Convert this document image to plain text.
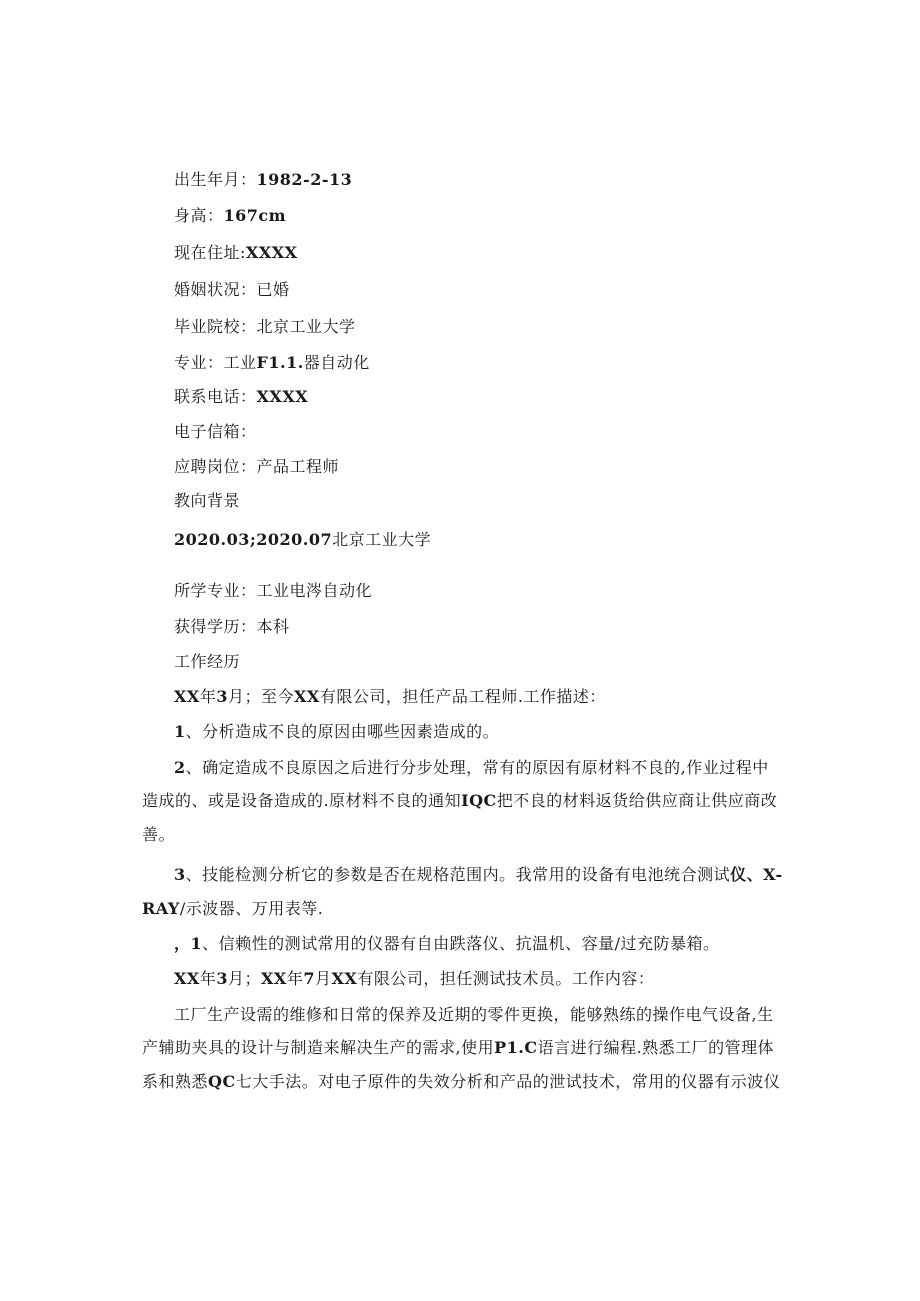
出生年月：1982-2-13
身高：167cm
现在住址:XXXX
婚姻状况：已婚
毕业院校：北京工业大学
专业：工业F1.1.器自动化
联系电话：XXXX
电子信箱：
应聘岗位：产品工程师
教向背景
2020.03;2020.07北京工业大学
所学专业：工业电涔自动化
获得学历：本科
工作经历
XX年3月；至今XX有限公司，担任产品工程师.工作描述：
1、分析造成不良的原因由哪些因素造成的。
2、确定造成不良原因之后进行分步处理，常有的原因有原材料不良的,作业过程中
造成的、或是设备造成的.原材料不良的通知IQC把不良的材料返货给供应商让供应商改
善。
3、技能检测分析它的参数是否在规格范围内。我常用的设备有电池统合测试仪、X-
RAY/示波器、万用表等.
，1、信赖性的测试常用的仪器有自由跌落仪、抗温机、容量/过充防暴箱。
XX年3月；XX年7月XX有限公司，担任测试技术员。工作内容：
工厂生产设需的维修和日常的保养及近期的零件更换，能够熟练的操作电气设备,生
产辅助夹具的设计与制造来解决生产的需求,使用P1.C语言进行编程.熟悉工厂的管理体
系和熟悉QC七大手法。对电子原件的失效分析和产品的泄试技术，常用的仪器有示波仪
